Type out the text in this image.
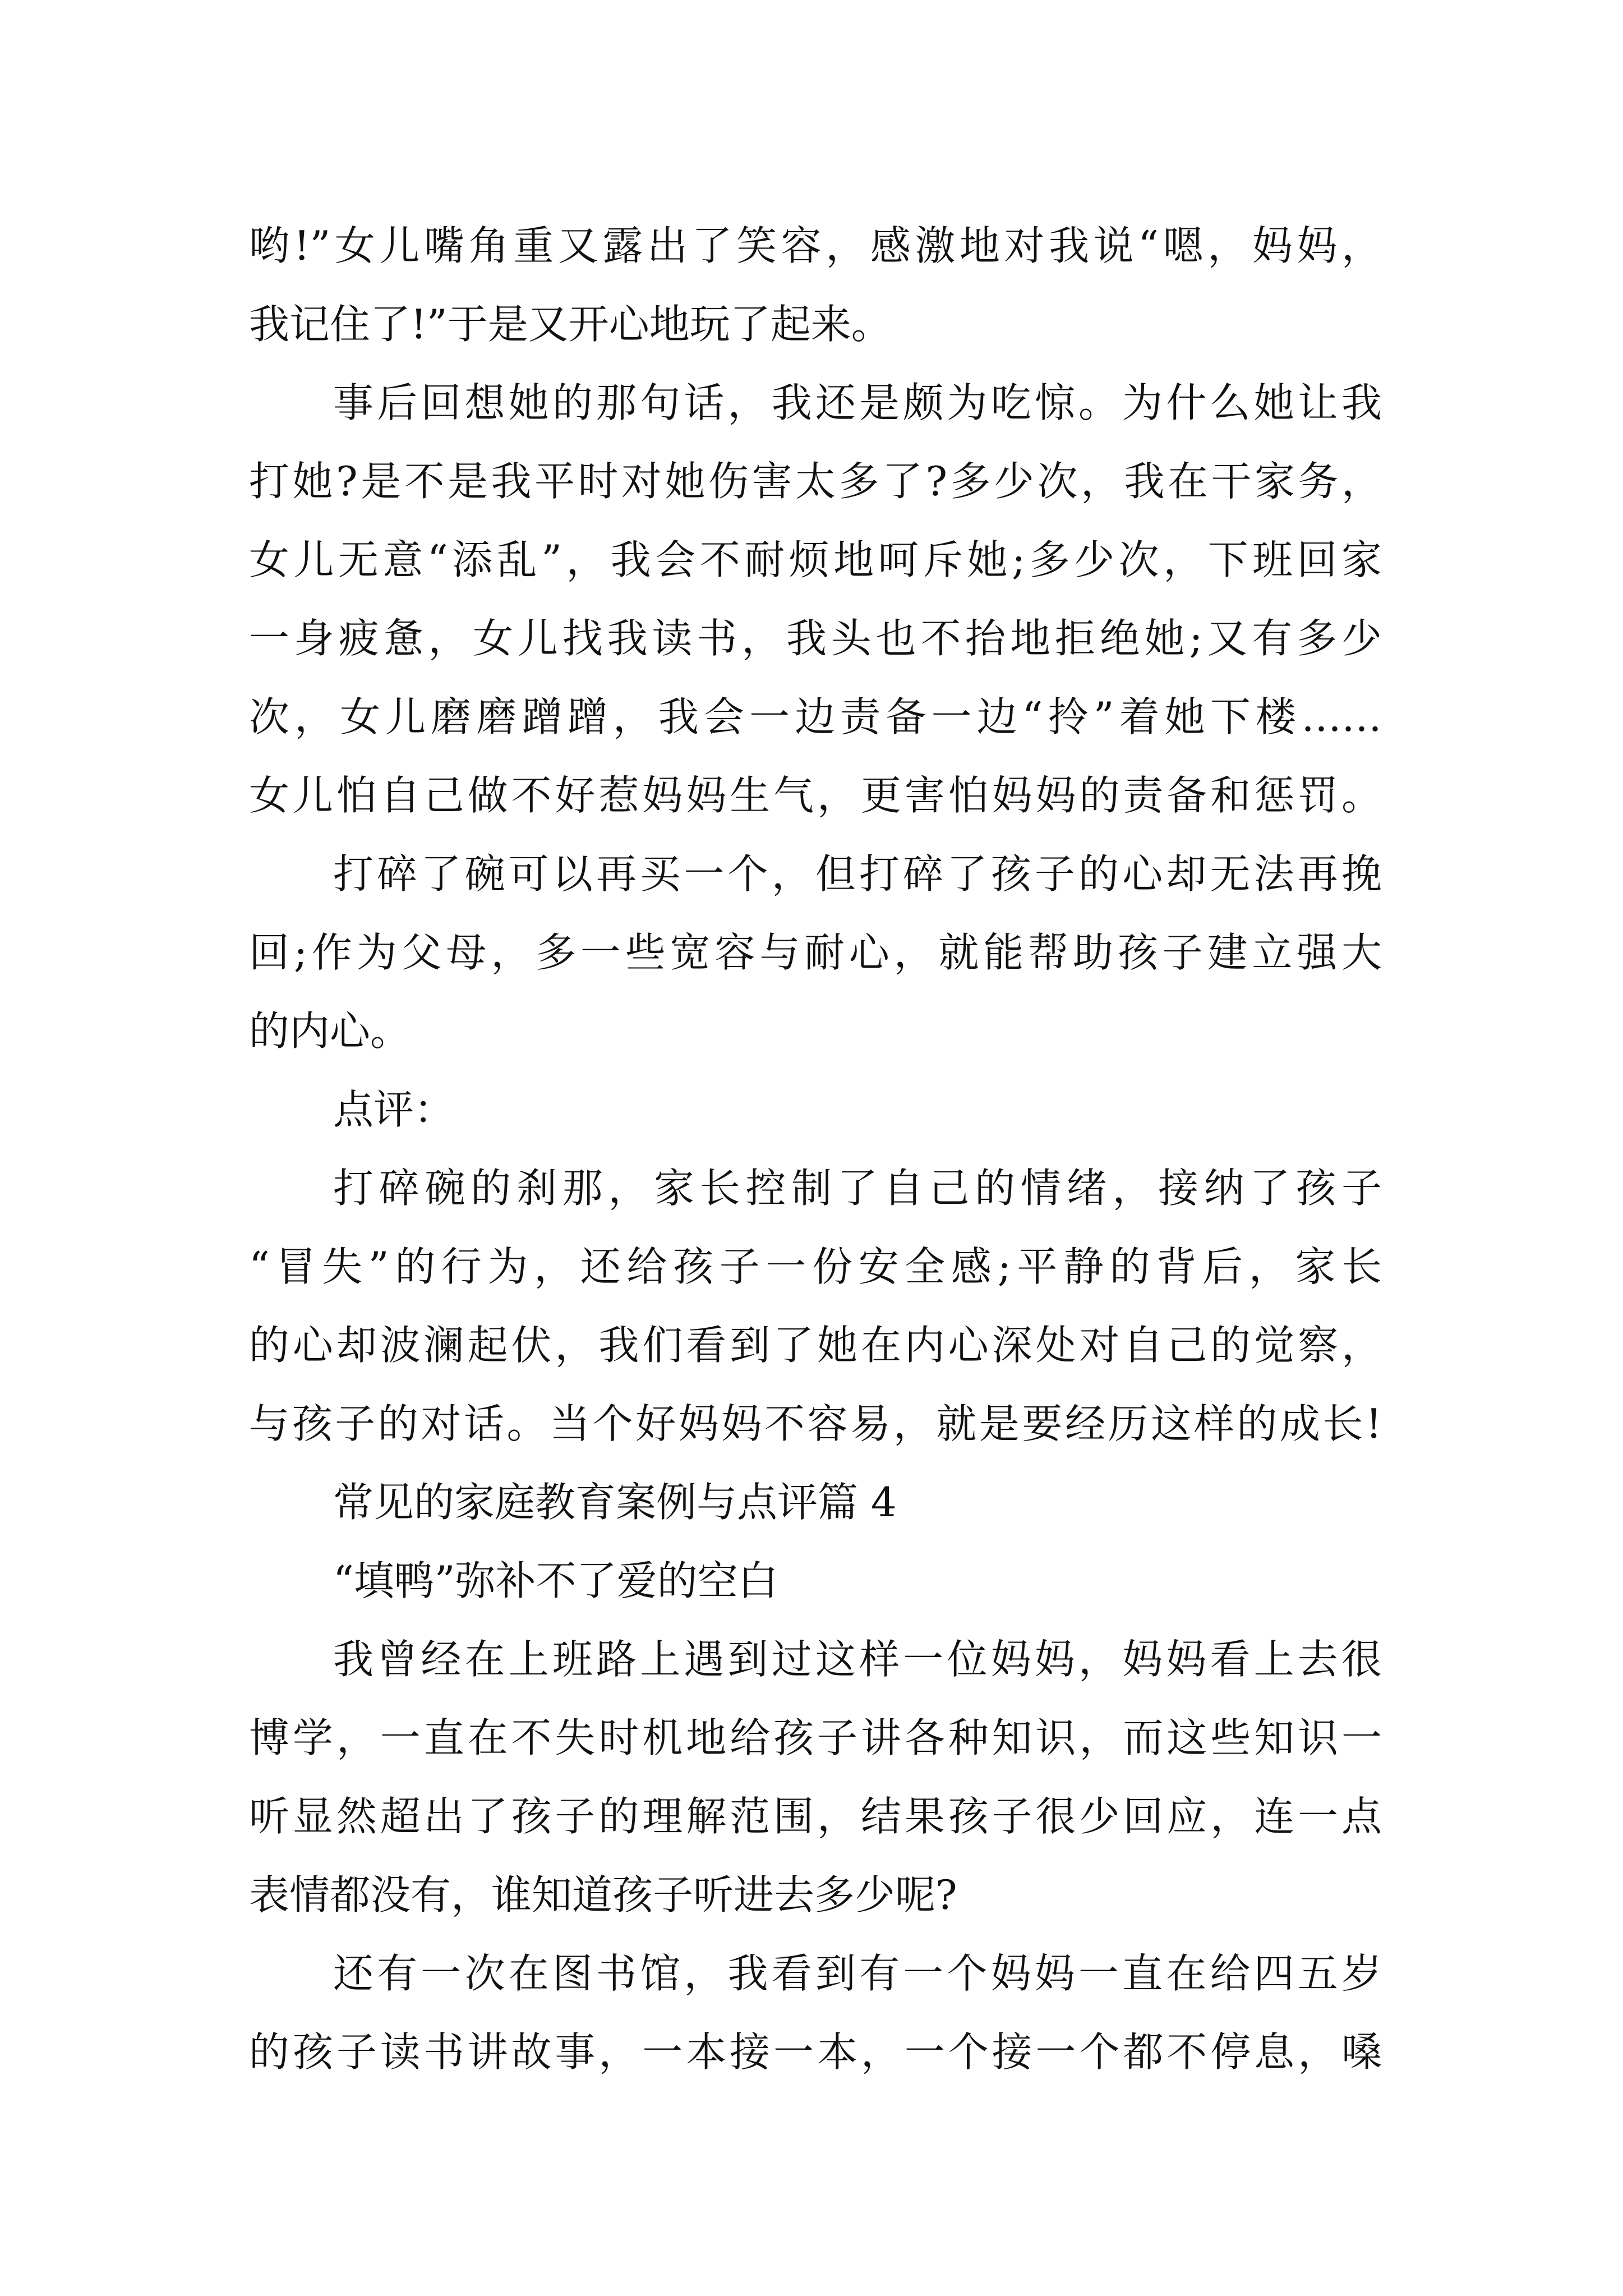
哟!”女儿嘴角重又露出了笑容，感激地对我说“嗯，妈妈，
我记住了!”于是又开心地玩了起来。
事后回想她的那句话，我还是颇为吃惊。为什么她让我
打她?是不是我平时对她伤害太多了?多少次，我在干家务，
女儿无意“添乱”，我会不耐烦地呵斥她;多少次，下班回家
一身疲惫，女儿找我读书，我头也不抬地拒绝她;又有多少
次，女儿磨磨蹭蹭，我会一边责备一边“拎”着她下楼……
女儿怕自己做不好惹妈妈生气，更害怕妈妈的责备和惩罚。
打碎了碗可以再买一个，但打碎了孩子的心却无法再挽
回;作为父母，多一些宽容与耐心，就能帮助孩子建立强大
的内心。
点评：
打碎碗的刹那，家长控制了自己的情绪，接纳了孩子
“冒失”的行为，还给孩子一份安全感;平静的背后，家长
的心却波澜起伏，我们看到了她在内心深处对自己的觉察，
与孩子的对话。当个好妈妈不容易，就是要经历这样的成长!
常见的家庭教育案例与点评篇 4
“填鸭”弥补不了爱的空白
我曾经在上班路上遇到过这样一位妈妈，妈妈看上去很
博学，一直在不失时机地给孩子讲各种知识，而这些知识一
听显然超出了孩子的理解范围，结果孩子很少回应，连一点
表情都没有，谁知道孩子听进去多少呢?
还有一次在图书馆，我看到有一个妈妈一直在给四五岁
的孩子读书讲故事，一本接一本，一个接一个都不停息，嗓
